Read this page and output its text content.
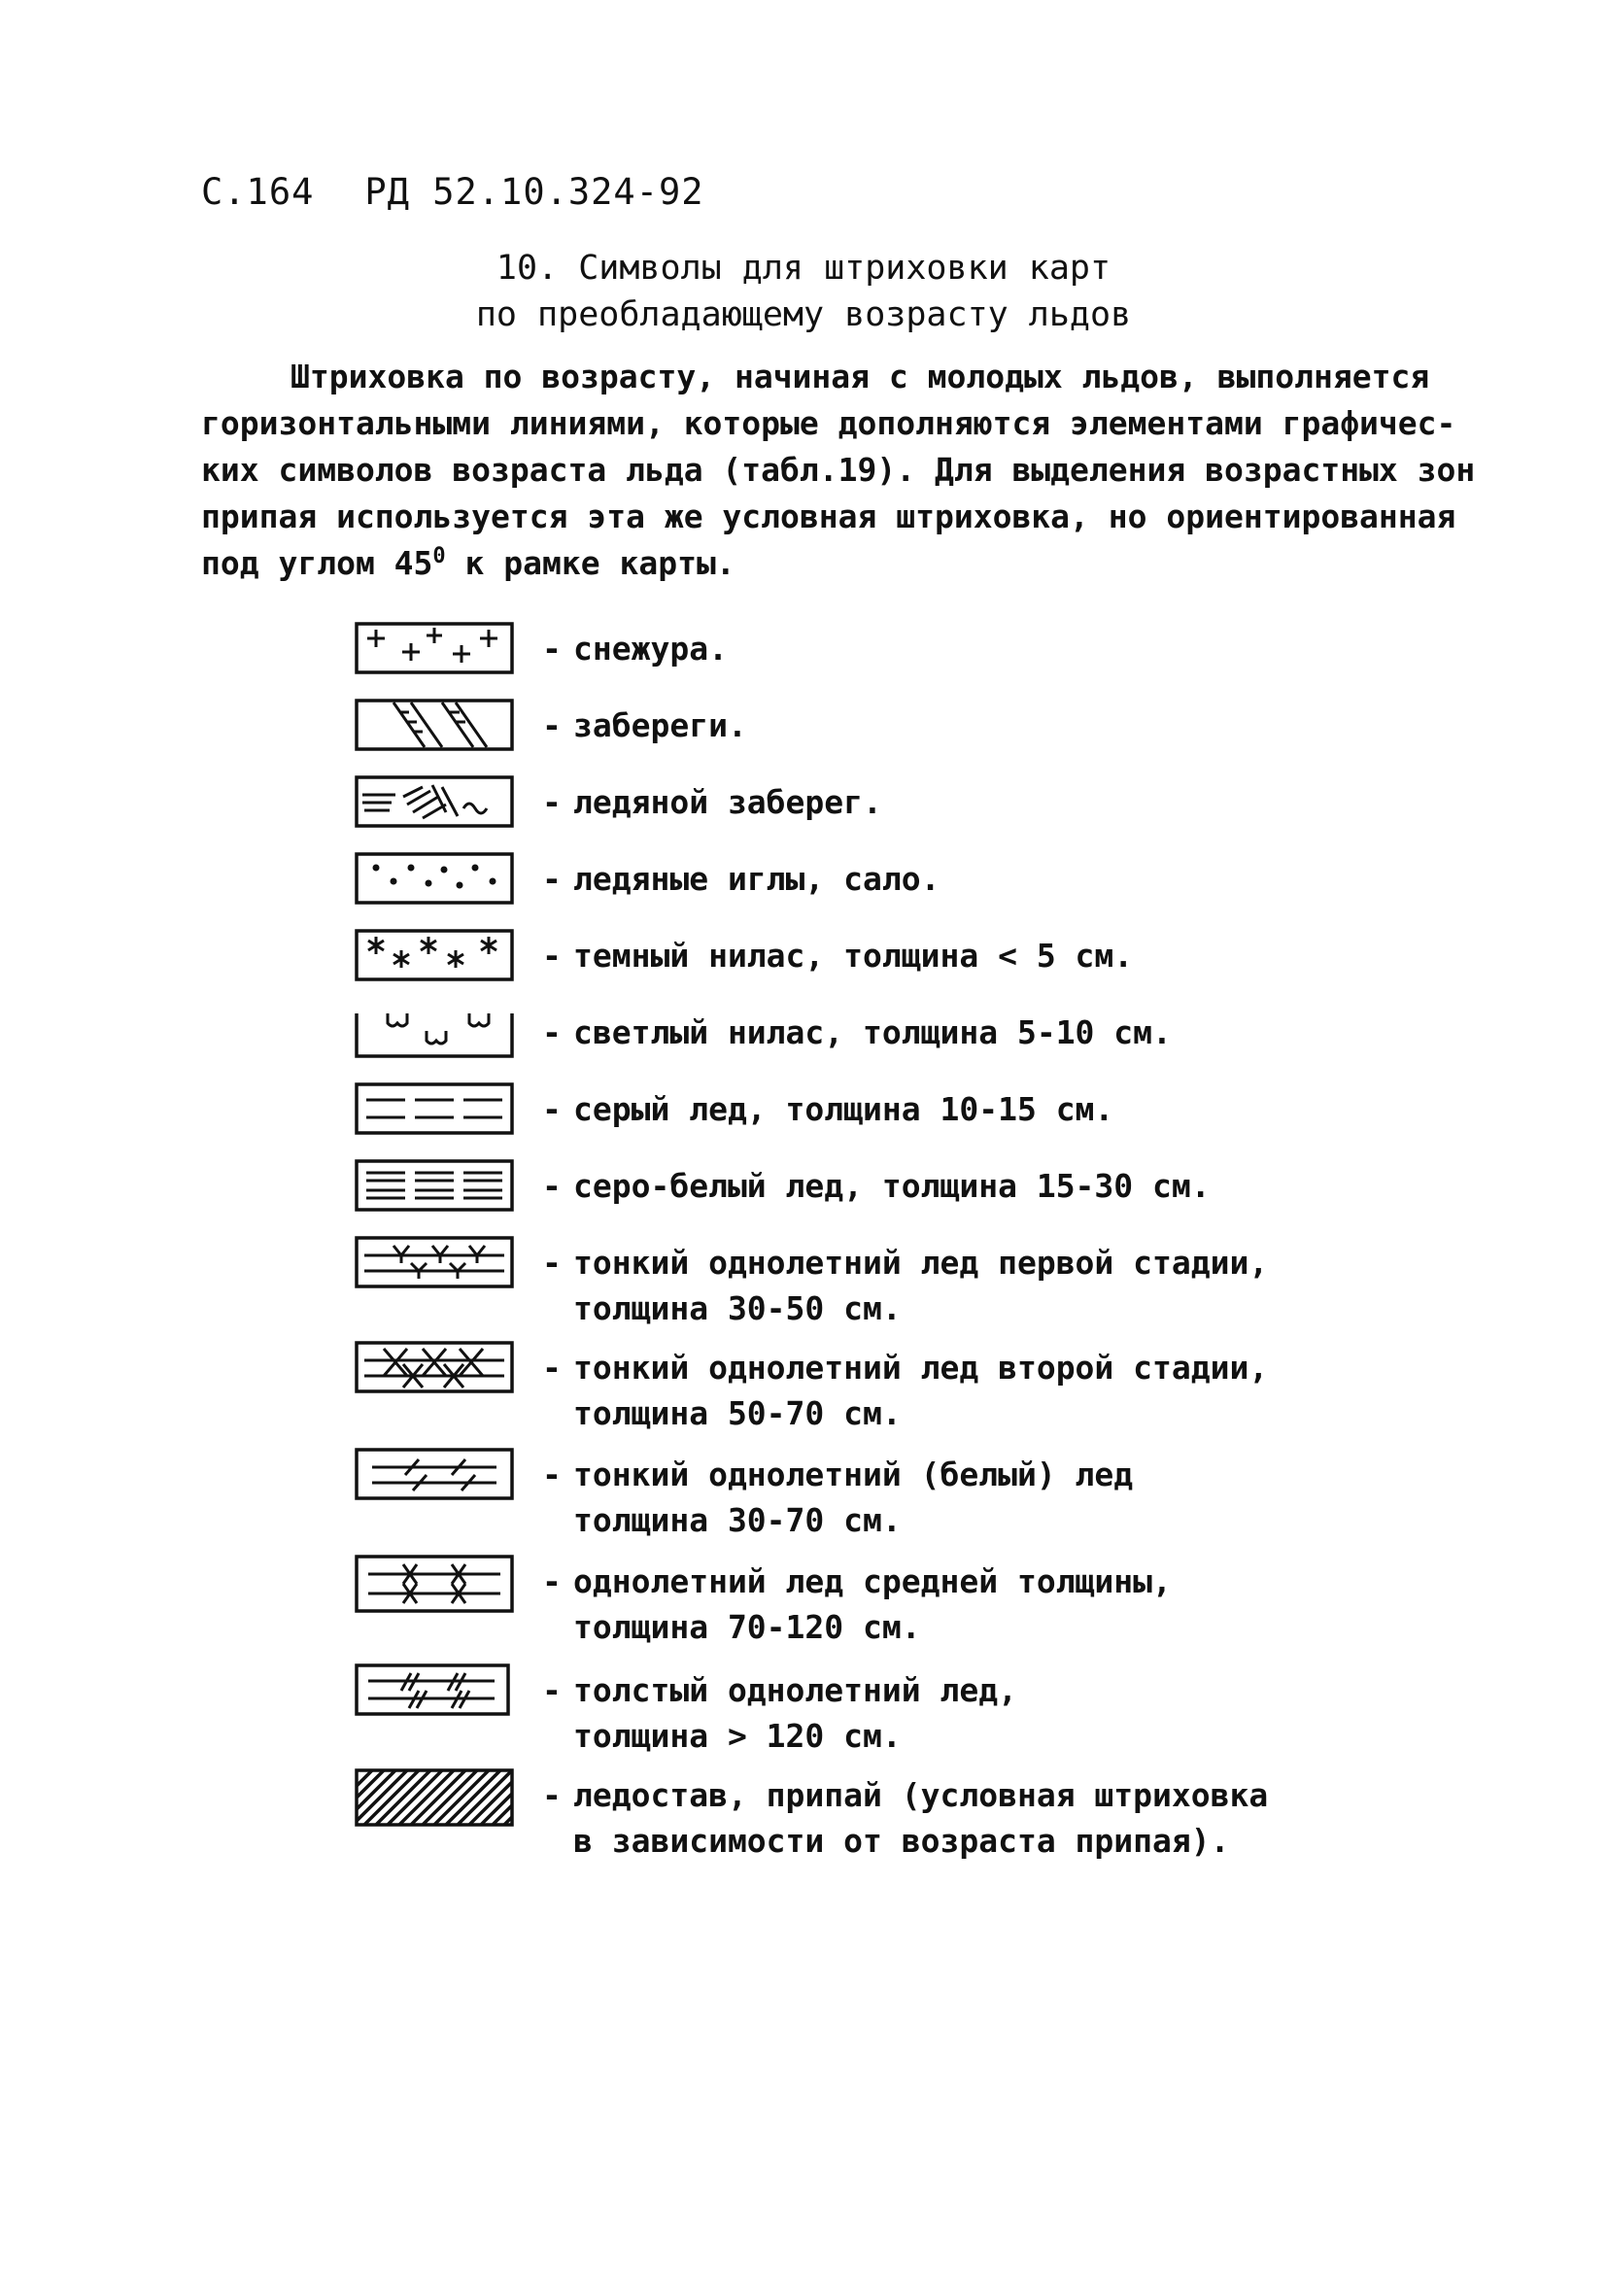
С.164 РД 52.10.324-92
10. Символы для штриховки карт
по преобладающему возрасту льдов
Штриховка по возрасту, начиная с молодых льдов, выполняется
горизонтальными линиями, которые дополняются элементами графичес-
ких символов возраста льда (табл.19). Для выделения возрастных зон
припая используется эта же условная штриховка, но ориентированная
под углом $45^0$ к рамке карты.
- снежура.
- забереги.
- ледяной заберег.
- ледяные иглы, сало.
- темный нилас, толщина < 5 см.
- светлый нилас, толщина 5-10 см.
- серый лед, толщина 10-15 см.
- серо-белый лед, толщина 15-30 см.
- тонкий однолетний лед первой стадии,
толщина 30-50 см.
- тонкий однолетний лед второй стадии,
толщина 50-70 см.
- тонкий однолетний (белый) лед
толщина 30-70 см.
- однолетний лед средней толщины,
толщина 70-120 см.
- толстый однолетний лед,
толщина > 120 см.
- ледостав, припай (условная штриховка
в зависимости от возраста припая).
